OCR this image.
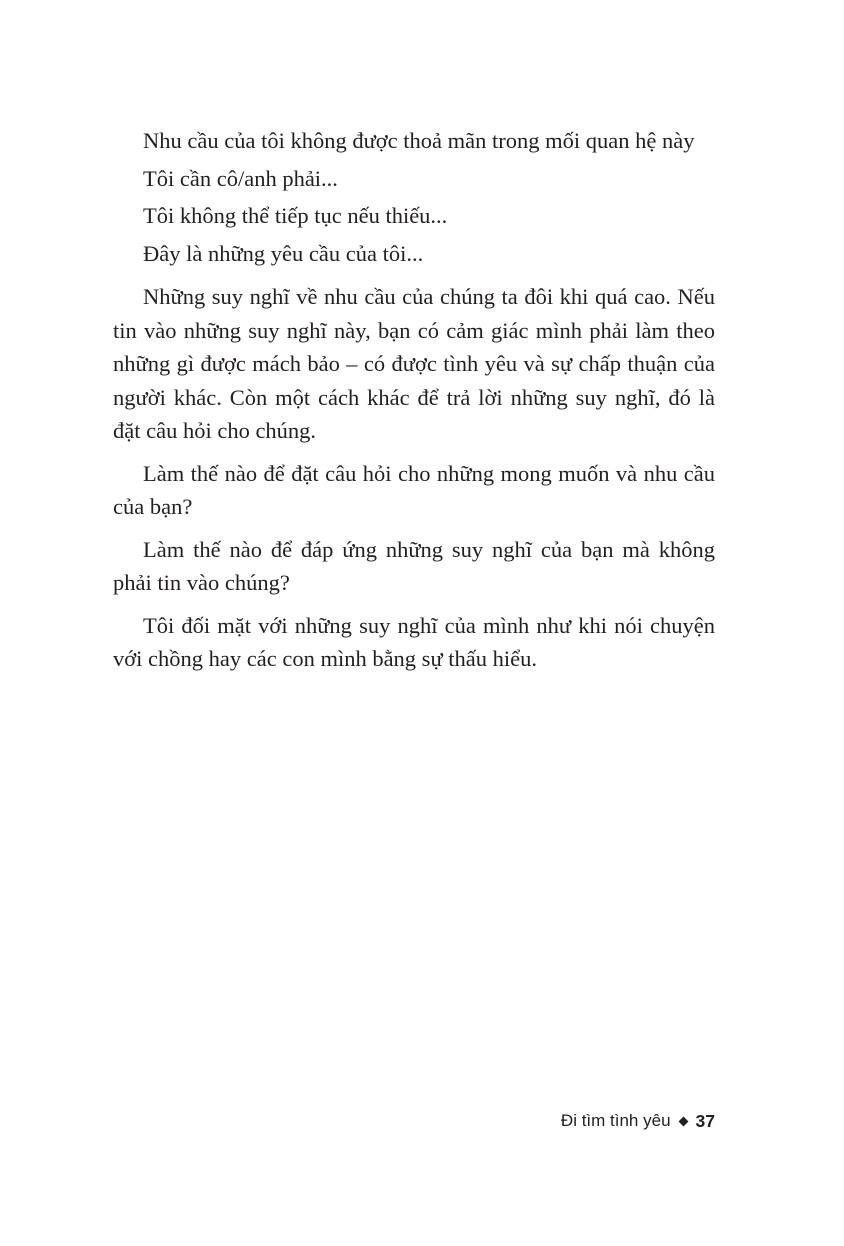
Nhu cầu của tôi không được thoả mãn trong mối quan hệ này
Tôi cần cô/anh phải...
Tôi không thể tiếp tục nếu thiếu...
Đây là những yêu cầu của tôi...

Những suy nghĩ về nhu cầu của chúng ta đôi khi quá cao. Nếu tin vào những suy nghĩ này, bạn có cảm giác mình phải làm theo những gì được mách bảo – có được tình yêu và sự chấp thuận của người khác. Còn một cách khác để trả lời những suy nghĩ, đó là đặt câu hỏi cho chúng.

Làm thế nào để đặt câu hỏi cho những mong muốn và nhu cầu của bạn?

Làm thế nào để đáp ứng những suy nghĩ của bạn mà không phải tin vào chúng?

Tôi đối mặt với những suy nghĩ của mình như khi nói chuyện với chồng hay các con mình bằng sự thấu hiểu.

Đi tìm tình yêu 37
